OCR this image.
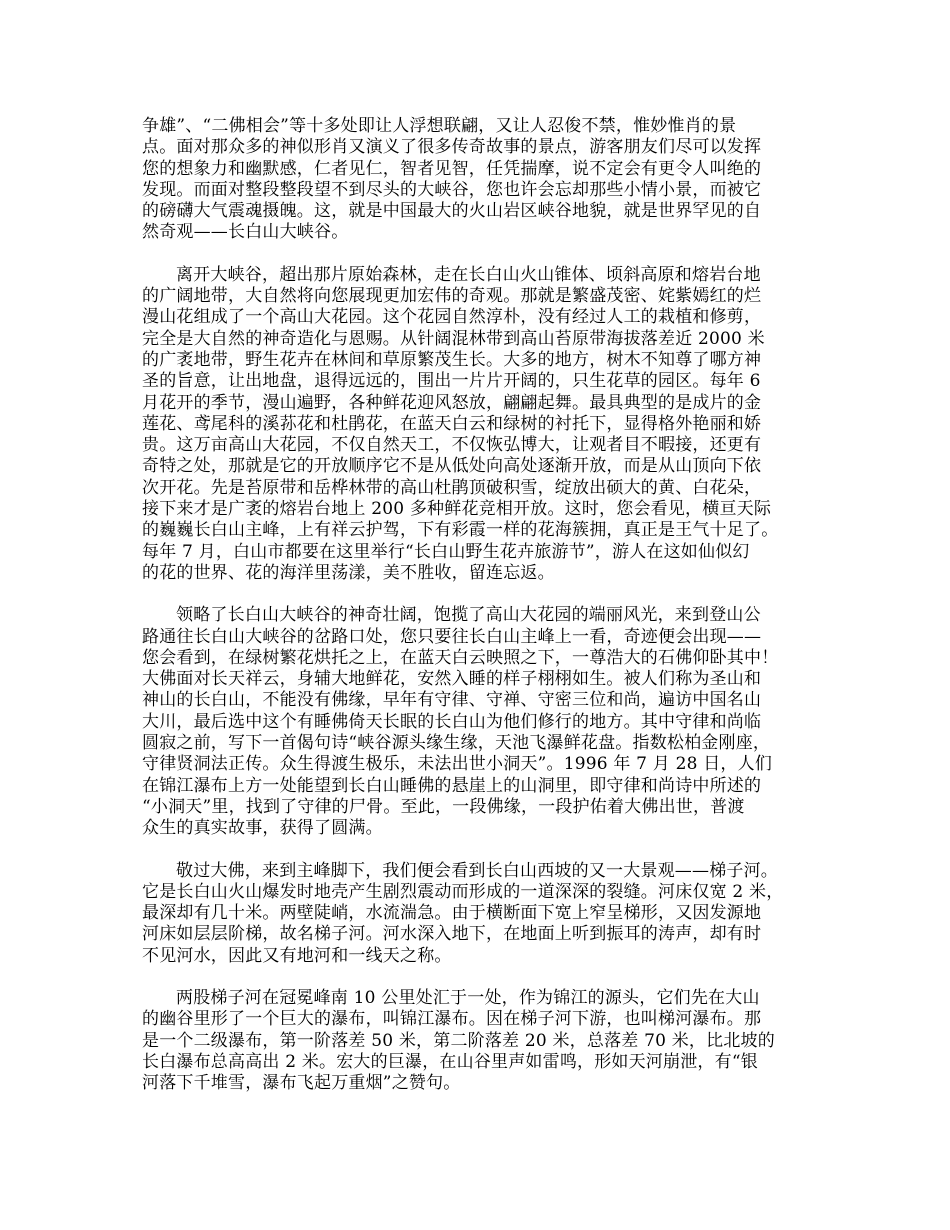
争雄”、“二佛相会”等十多处即让人浮想联翩，又让人忍俊不禁，惟妙惟肖的景
点。面对那众多的神似形肖又演义了很多传奇故事的景点，游客朋友们尽可以发挥
您的想象力和幽默感，仁者见仁，智者见智，任凭揣摩，说不定会有更令人叫绝的
发现。而面对整段整段望不到尽头的大峡谷，您也许会忘却那些小情小景，而被它
的磅礴大气震魂摄魄。这，就是中国最大的火山岩区峡谷地貌，就是世界罕见的自
然奇观——长白山大峡谷。
离开大峡谷，超出那片原始森林，走在长白山火山锥体、顷斜高原和熔岩台地
的广阔地带，大自然将向您展现更加宏伟的奇观。那就是繁盛茂密、姹紫嫣红的烂
漫山花组成了一个高山大花园。这个花园自然淳朴，没有经过人工的栽植和修剪，
完全是大自然的神奇造化与恩赐。从针阔混林带到高山苔原带海拔落差近 2000 米
的广袤地带，野生花卉在林间和草原繁茂生长。大多的地方，树木不知尊了哪方神
圣的旨意，让出地盘，退得远远的，围出一片片开阔的，只生花草的园区。每年 6
月花开的季节，漫山遍野，各种鲜花迎风怒放，翩翩起舞。最具典型的是成片的金
莲花、鸢尾科的溪荪花和杜鹃花，在蓝天白云和绿树的衬托下，显得格外艳丽和娇
贵。这万亩高山大花园，不仅自然天工，不仅恢弘博大，让观者目不暇接，还更有
奇特之处，那就是它的开放顺序它不是从低处向高处逐渐开放，而是从山顶向下依
次开花。先是苔原带和岳桦林带的高山杜鹃顶破积雪，绽放出硕大的黄、白花朵，
接下来才是广袤的熔岩台地上 200 多种鲜花竞相开放。这时，您会看见，横亘天际
的巍巍长白山主峰，上有祥云护驾，下有彩霞一样的花海簇拥，真正是王气十足了。
每年 7 月，白山市都要在这里举行“长白山野生花卉旅游节”，游人在这如仙似幻
的花的世界、花的海洋里荡漾，美不胜收，留连忘返。
领略了长白山大峡谷的神奇壮阔，饱揽了高山大花园的端丽风光，来到登山公
路通往长白山大峡谷的岔路口处，您只要往长白山主峰上一看，奇迹便会出现——
您会看到，在绿树繁花烘托之上，在蓝天白云映照之下，一尊浩大的石佛仰卧其中！
大佛面对长天祥云，身辅大地鲜花，安然入睡的样子栩栩如生。被人们称为圣山和
神山的长白山，不能没有佛缘，早年有守律、守禅、守密三位和尚，遍访中国名山
大川，最后选中这个有睡佛倚天长眠的长白山为他们修行的地方。其中守律和尚临
圆寂之前，写下一首偈句诗“峡谷源头缘生缘，天池飞瀑鲜花盘。指数松柏金刚座，
守律贤洞法正传。众生得渡生极乐，未法出世小洞天”。1996 年 7 月 28 日，人们
在锦江瀑布上方一处能望到长白山睡佛的悬崖上的山洞里，即守律和尚诗中所述的
“小洞天”里，找到了守律的尸骨。至此，一段佛缘，一段护佑着大佛出世，普渡
众生的真实故事，获得了圆满。
敬过大佛，来到主峰脚下，我们便会看到长白山西坡的又一大景观——梯子河。
它是长白山火山爆发时地壳产生剧烈震动而形成的一道深深的裂缝。河床仅宽 2 米，
最深却有几十米。两壁陡峭，水流湍急。由于横断面下宽上窄呈梯形，又因发源地
河床如层层阶梯，故名梯子河。河水深入地下，在地面上听到振耳的涛声，却有时
不见河水，因此又有地河和一线天之称。
两股梯子河在冠冕峰南 10 公里处汇于一处，作为锦江的源头，它们先在大山
的幽谷里形了一个巨大的瀑布，叫锦江瀑布。因在梯子河下游，也叫梯河瀑布。那
是一个二级瀑布，第一阶落差 50 米，第二阶落差 20 米，总落差 70 米，比北坡的
长白瀑布总高高出 2 米。宏大的巨瀑，在山谷里声如雷鸣，形如天河崩泄，有“银
河落下千堆雪，瀑布飞起万重烟”之赞句。
